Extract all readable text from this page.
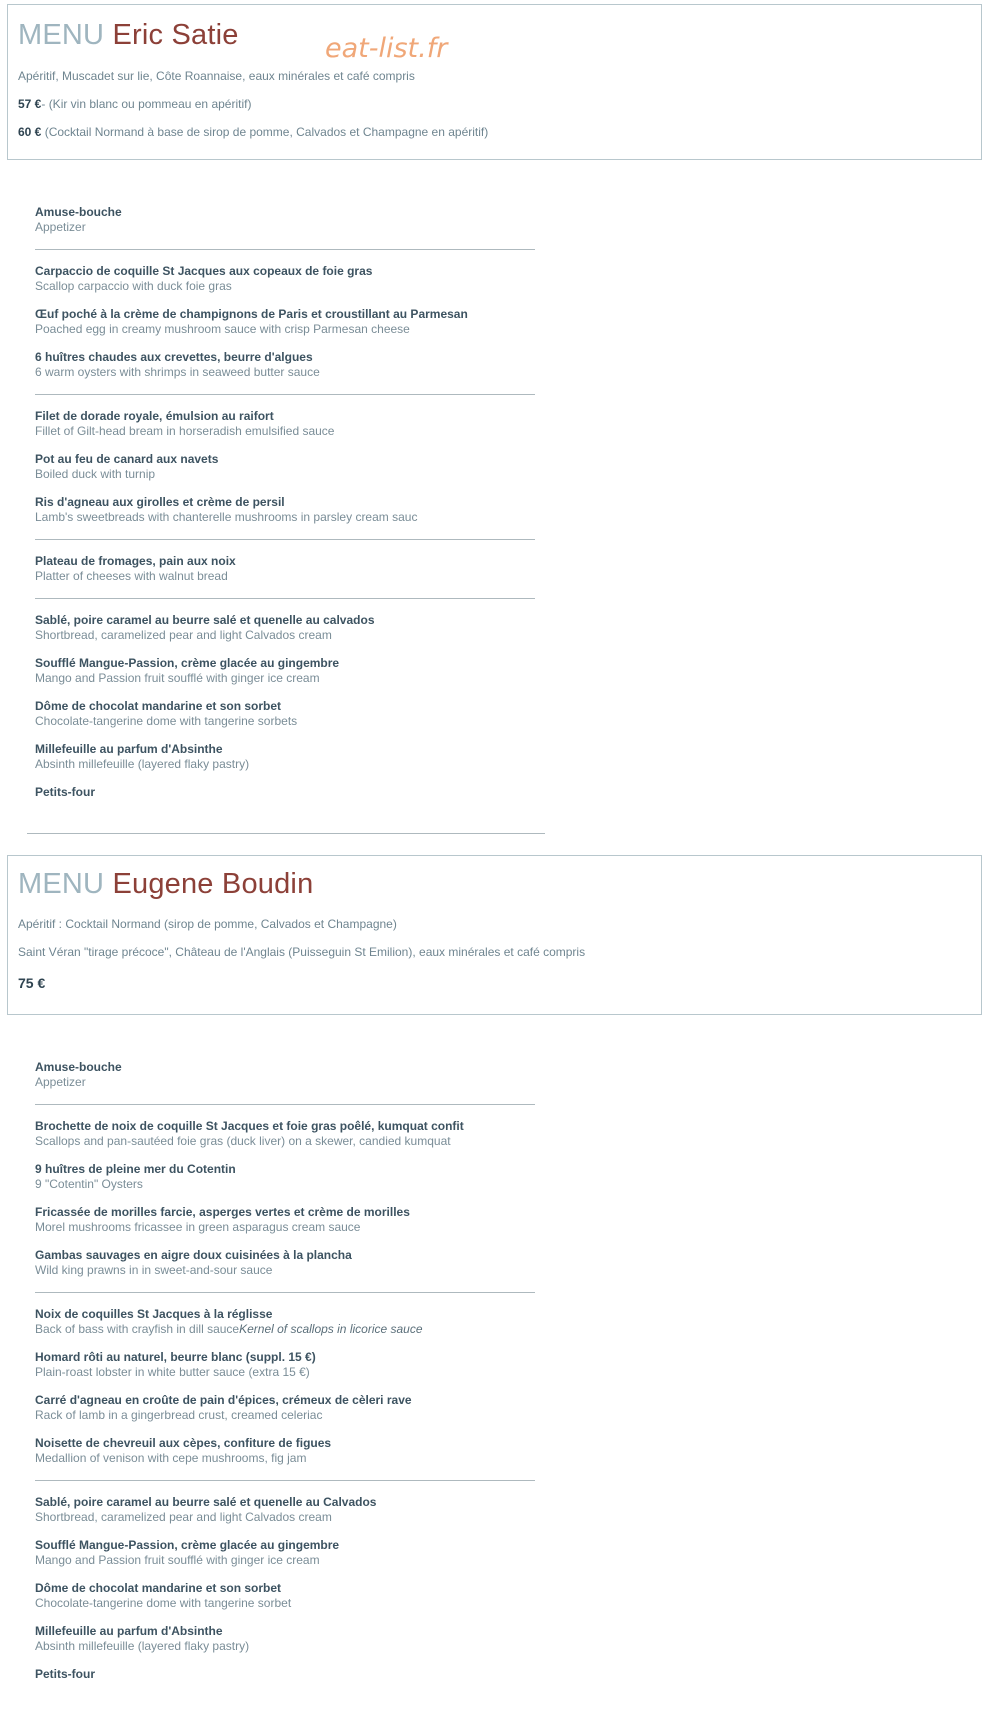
MENU Eric Satie	eat-list.fr
Apéritif, Muscadet sur lie, Côte Roannaise, eaux minérales et café compris
57 €- (Kir vin blanc ou pommeau en apéritif)
60 € (Cocktail Normand à base de sirop de pomme, Calvados et Champagne en apéritif)
Amuse-bouche
Appetizer
Carpaccio de coquille St Jacques aux copeaux de foie gras
Scallop carpaccio with duck foie gras
Œuf poché à la crème de champignons de Paris et croustillant au Parmesan
Poached egg in creamy mushroom sauce with crisp Parmesan cheese
6 huîtres chaudes aux crevettes, beurre d'algues
6 warm oysters with shrimps in seaweed butter sauce
Filet de dorade royale, émulsion au raifort
Fillet of Gilt-head bream in horseradish emulsified sauce
Pot au feu de canard aux navets
Boiled duck with turnip
Ris d'agneau aux girolles et crème de persil
Lamb's sweetbreads with chanterelle mushrooms in parsley cream sauc
Plateau de fromages, pain aux noix
Platter of cheeses with walnut bread
Sablé, poire caramel au beurre salé et quenelle au calvados
Shortbread, caramelized pear and light Calvados cream
Soufflé Mangue-Passion, crème glacée au gingembre
Mango and Passion fruit soufflé with ginger ice cream
Dôme de chocolat mandarine et son sorbet
Chocolate-tangerine dome with tangerine sorbets
Millefeuille au parfum d'Absinthe
Absinth millefeuille (layered flaky pastry)
Petits-four
MENU Eugene Boudin
Apéritif : Cocktail Normand (sirop de pomme, Calvados et Champagne)
Saint Véran "tirage précoce", Château de l'Anglais (Puisseguin St Emilion), eaux minérales et café compris
75 €
Amuse-bouche
Appetizer
Brochette de noix de coquille St Jacques et foie gras poêlé, kumquat confit
Scallops and pan-sautéed foie gras (duck liver) on a skewer, candied kumquat
9 huîtres de pleine mer du Cotentin
9 "Cotentin" Oysters
Fricassée de morilles farcie, asperges vertes et crème de morilles
Morel mushrooms fricassee in green asparagus cream sauce
Gambas sauvages en aigre doux cuisinées à la plancha
Wild king prawns in in sweet-and-sour sauce
Noix de coquilles St Jacques à la réglisse
Back of bass with crayfish in dill sauceKernel of scallops in licorice sauce
Homard rôti au naturel, beurre blanc (suppl. 15 €)
Plain-roast lobster in white butter sauce (extra 15 €)
Carré d'agneau en croûte de pain d'épices, crémeux de cèleri rave
Rack of lamb in a gingerbread crust, creamed celeriac
Noisette de chevreuil aux cèpes, confiture de figues
Medallion of venison with cepe mushrooms, fig jam
Sablé, poire caramel au beurre salé et quenelle au Calvados
Shortbread, caramelized pear and light Calvados cream
Soufflé Mangue-Passion, crème glacée au gingembre
Mango and Passion fruit soufflé with ginger ice cream
Dôme de chocolat mandarine et son sorbet
Chocolate-tangerine dome with tangerine sorbet
Millefeuille au parfum d'Absinthe
Absinth millefeuille (layered flaky pastry)
Petits-four
